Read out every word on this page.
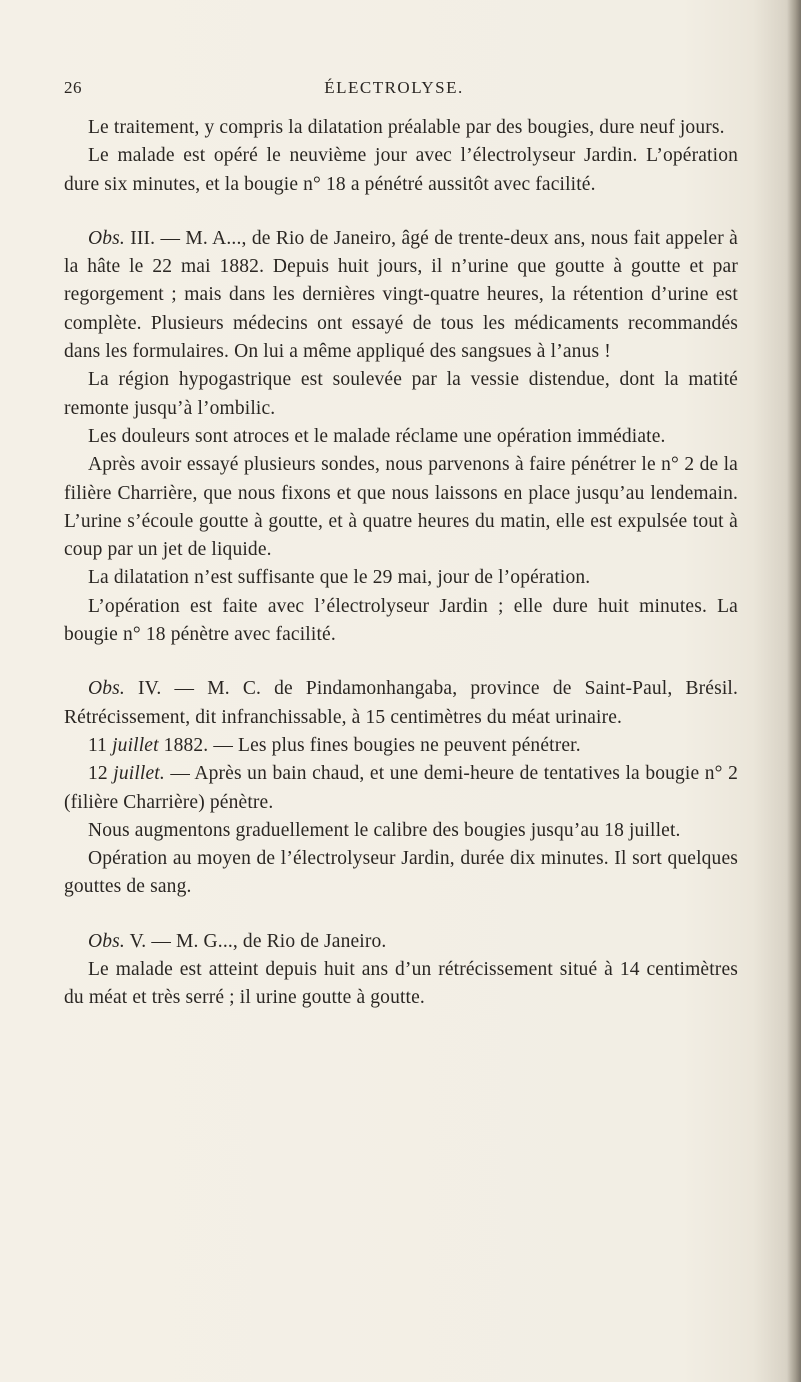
26	ÉLECTROLYSE.

Le traitement, y compris la dilatation préalable par des bougies, dure neuf jours.

Le malade est opéré le neuvième jour avec l’électrolyseur Jardin. L’opération dure six minutes, et la bougie n° 18 a pénétré aussitôt avec facilité.

Obs. III. — M. A..., de Rio de Janeiro, âgé de trente-deux ans, nous fait appeler à la hâte le 22 mai 1882. Depuis huit jours, il n’urine que goutte à goutte et par regorgement ; mais dans les dernières vingt-quatre heures, la rétention d’urine est complète. Plusieurs médecins ont essayé de tous les médicaments recommandés dans les formulaires. On lui a même appliqué des sangsues à l’anus !

La région hypogastrique est soulevée par la vessie distendue, dont la matité remonte jusqu’à l’ombilic.

Les douleurs sont atroces et le malade réclame une opération immédiate.

Après avoir essayé plusieurs sondes, nous parvenons à faire pénétrer le n° 2 de la filière Charrière, que nous fixons et que nous laissons en place jusqu’au lendemain. L’urine s’écoule goutte à goutte, et à quatre heures du matin, elle est expulsée tout à coup par un jet de liquide.

La dilatation n’est suffisante que le 29 mai, jour de l’opération.

L’opération est faite avec l’électrolyseur Jardin ; elle dure huit minutes. La bougie n° 18 pénètre avec facilité.

Obs. IV. — M. C. de Pindamonhangaba, province de Saint-Paul, Brésil. Rétrécissement, dit infranchissable, à 15 centimètres du méat urinaire.

11 juillet 1882. — Les plus fines bougies ne peuvent pénétrer.

12 juillet. — Après un bain chaud, et une demi-heure de tentatives la bougie n° 2 (filière Charrière) pénètre.

Nous augmentons graduellement le calibre des bougies jusqu’au 18 juillet.

Opération au moyen de l’électrolyseur Jardin, durée dix minutes. Il sort quelques gouttes de sang.

Obs. V. — M. G..., de Rio de Janeiro.

Le malade est atteint depuis huit ans d’un rétrécissement situé à 14 centimètres du méat et très serré ; il urine goutte à goutte.
